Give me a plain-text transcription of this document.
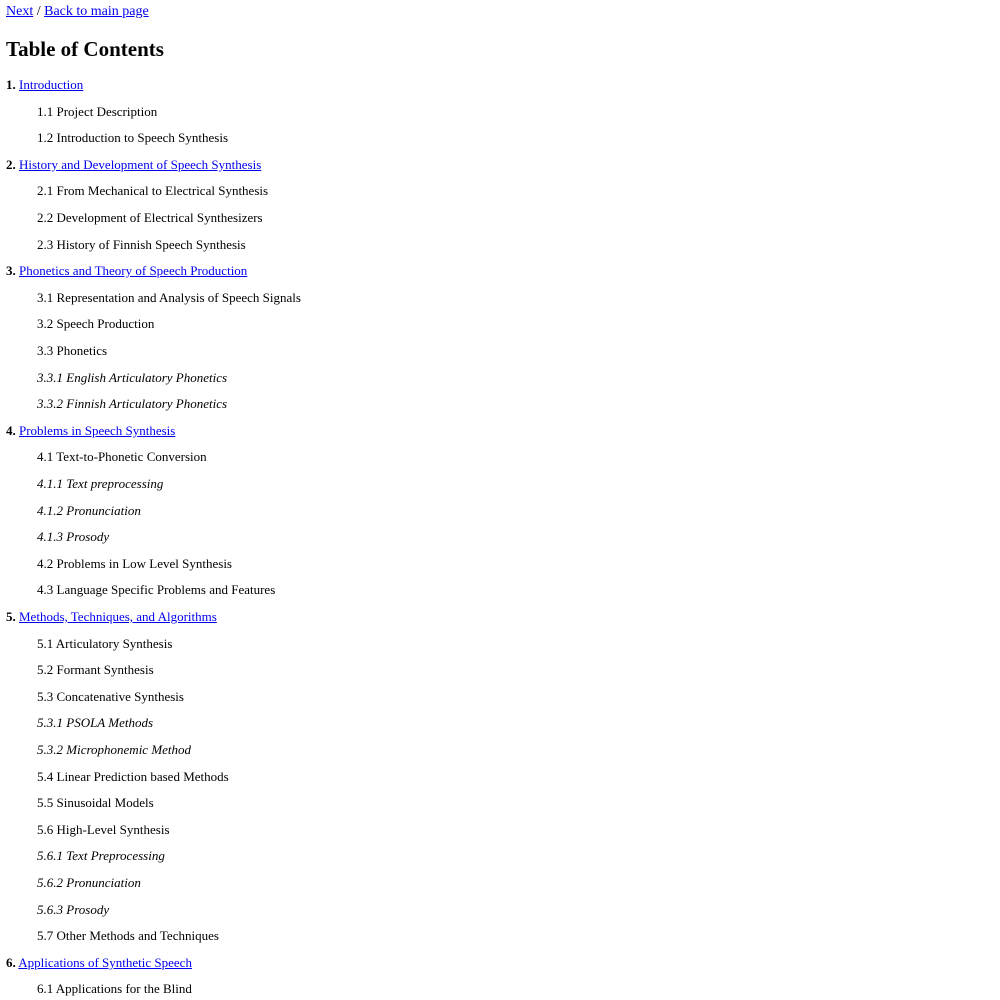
Next / Back to main page
Table of Contents
1. Introduction
1.1 Project Description
1.2 Introduction to Speech Synthesis
2. History and Development of Speech Synthesis
2.1 From Mechanical to Electrical Synthesis
2.2 Development of Electrical Synthesizers
2.3 History of Finnish Speech Synthesis
3. Phonetics and Theory of Speech Production
3.1 Representation and Analysis of Speech Signals
3.2 Speech Production
3.3 Phonetics
3.3.1 English Articulatory Phonetics
3.3.2 Finnish Articulatory Phonetics
4. Problems in Speech Synthesis
4.1 Text-to-Phonetic Conversion
4.1.1 Text preprocessing
4.1.2 Pronunciation
4.1.3 Prosody
4.2 Problems in Low Level Synthesis
4.3 Language Specific Problems and Features
5. Methods, Techniques, and Algorithms
5.1 Articulatory Synthesis
5.2 Formant Synthesis
5.3 Concatenative Synthesis
5.3.1 PSOLA Methods
5.3.2 Microphonemic Method
5.4 Linear Prediction based Methods
5.5 Sinusoidal Models
5.6 High-Level Synthesis
5.6.1 Text Preprocessing
5.6.2 Pronunciation
5.6.3 Prosody
5.7 Other Methods and Techniques
6. Applications of Synthetic Speech
6.1 Applications for the Blind
